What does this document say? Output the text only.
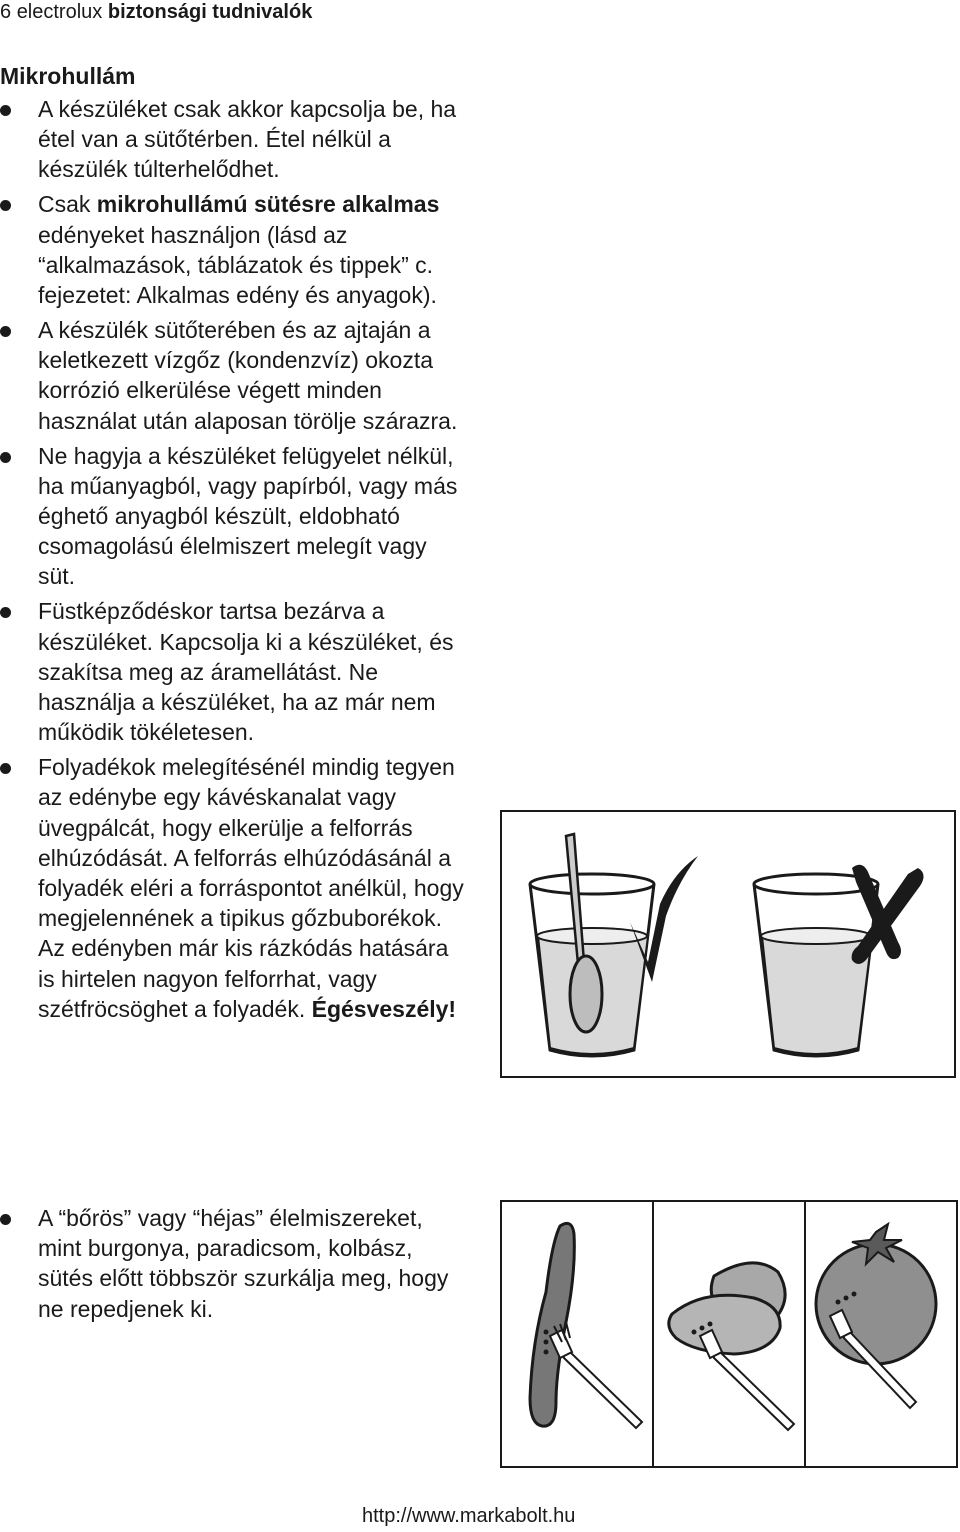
6 electrolux biztonsági tudnivalók
Mikrohullám
A készüléket csak akkor kapcsolja be, ha étel van a sütőtérben. Étel nélkül a készülék túlterhelődhet.
Csak mikrohullámú sütésre alkalmas edényeket használjon (lásd az “alkalmazások, táblázatok és tippek” c. fejezetet: Alkalmas edény és anyagok).
A készülék sütőterében és az ajtaján a keletkezett vízgőz (kondenzvíz) okozta korrózió elkerülése végett minden használat után alaposan törölje szárazra.
Ne hagyja a készüléket felügyelet nélkül, ha műanyagból, vagy papírból, vagy más éghető anyagból készült, eldobható csomagolású élelmiszert melegít vagy süt.
Füstképződéskor tartsa bezárva a készüléket. Kapcsolja ki a készüléket, és szakítsa meg az áramellátást. Ne használja a készüléket, ha az már nem működik tökéletesen.
Folyadékok melegítésénél mindig tegyen az edénybe egy kávéskanalat vagy üvegpálcát, hogy elkerülje a felforrás elhúzódását. A felforrás elhúzódásánál a folyadék eléri a forráspontot anélkül, hogy megjelennének a tipikus gőzbuborékok. Az edényben már kis rázkódás hatására is hirtelen nagyon felforrhat, vagy szétfröcsöghet a folyadék. Égésveszély!
A “bőrös” vagy “héjas” élelmiszereket, mint burgonya, paradicsom, kolbász, sütés előtt többször szurkálja meg, hogy ne repedjenek ki.
http://www.markabolt.hu
